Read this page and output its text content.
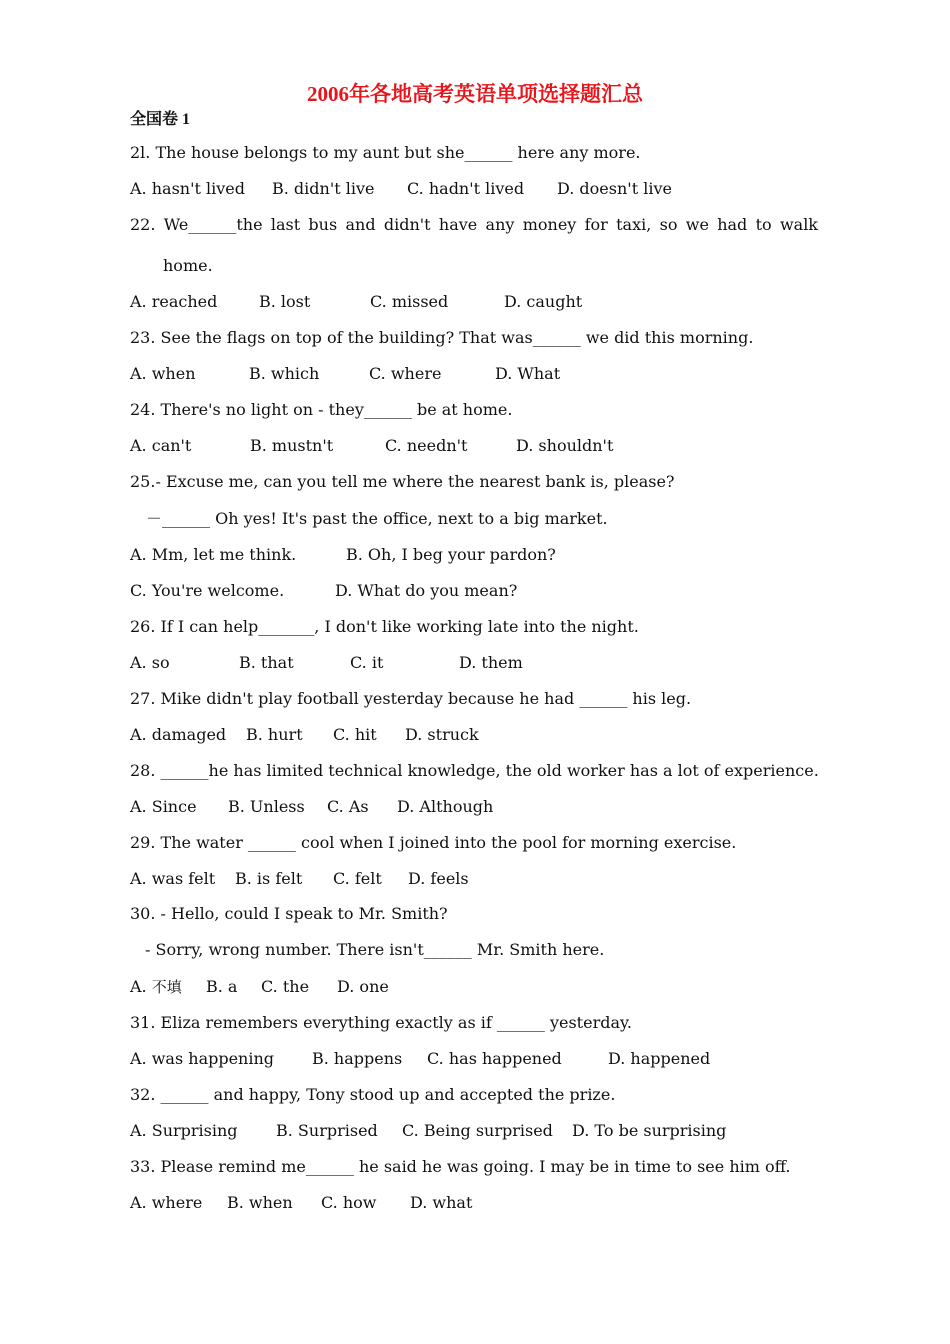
2006年各地高考英语单项选择题汇总
全国卷 1
2l. The house belongs to my aunt but she______ here any more.
A. hasn't lived B. didn't live C. hadn't lived D. doesn't live
22. We______the last bus and didn't have any money for taxi, so we had to walk
home.
A. reached	B. lost	C. missed	D. caught
23. See the flags on top of the building? That was______ we did this morning.
A. when	B. which	C. where	D. What
24. There's no light on - they______ be at home.
A. can't	B. mustn't	C. needn't	D. shouldn't
25.- Excuse me, can you tell me where the nearest bank is, please?
－______ Oh yes! It's past the office, next to a big market.
A. Mm, let me think.	B. Oh, I beg your pardon?
C. You're welcome.	D. What do you mean?
26. If I can help_______, I don't like working late into the night.
A. so	B. that	C. it	D. them
27. Mike didn't play football yesterday because he had ______ his leg.
A. damaged B. hurt C. hit D. struck
28. ______he has limited technical knowledge, the old worker has a lot of experience.
A. Since B. Unless C. As D. Although
29. The water ______ cool when I joined into the pool for morning exercise.
A. was felt B. is felt C. felt D. feels
30. - Hello, could I speak to Mr. Smith?
- Sorry, wrong number. There isn't______ Mr. Smith here.
A. 不填 B. a C. the D. one
31. Eliza remembers everything exactly as if ______ yesterday.
A. was happening B. happens C. has happened	D. happened
32. ______ and happy, Tony stood up and accepted the prize.
A. Surprising B. Surprised C. Being surprised D. To be surprising
33. Please remind me______ he said he was going. I may be in time to see him off.
A. where B. when C. how D. what
